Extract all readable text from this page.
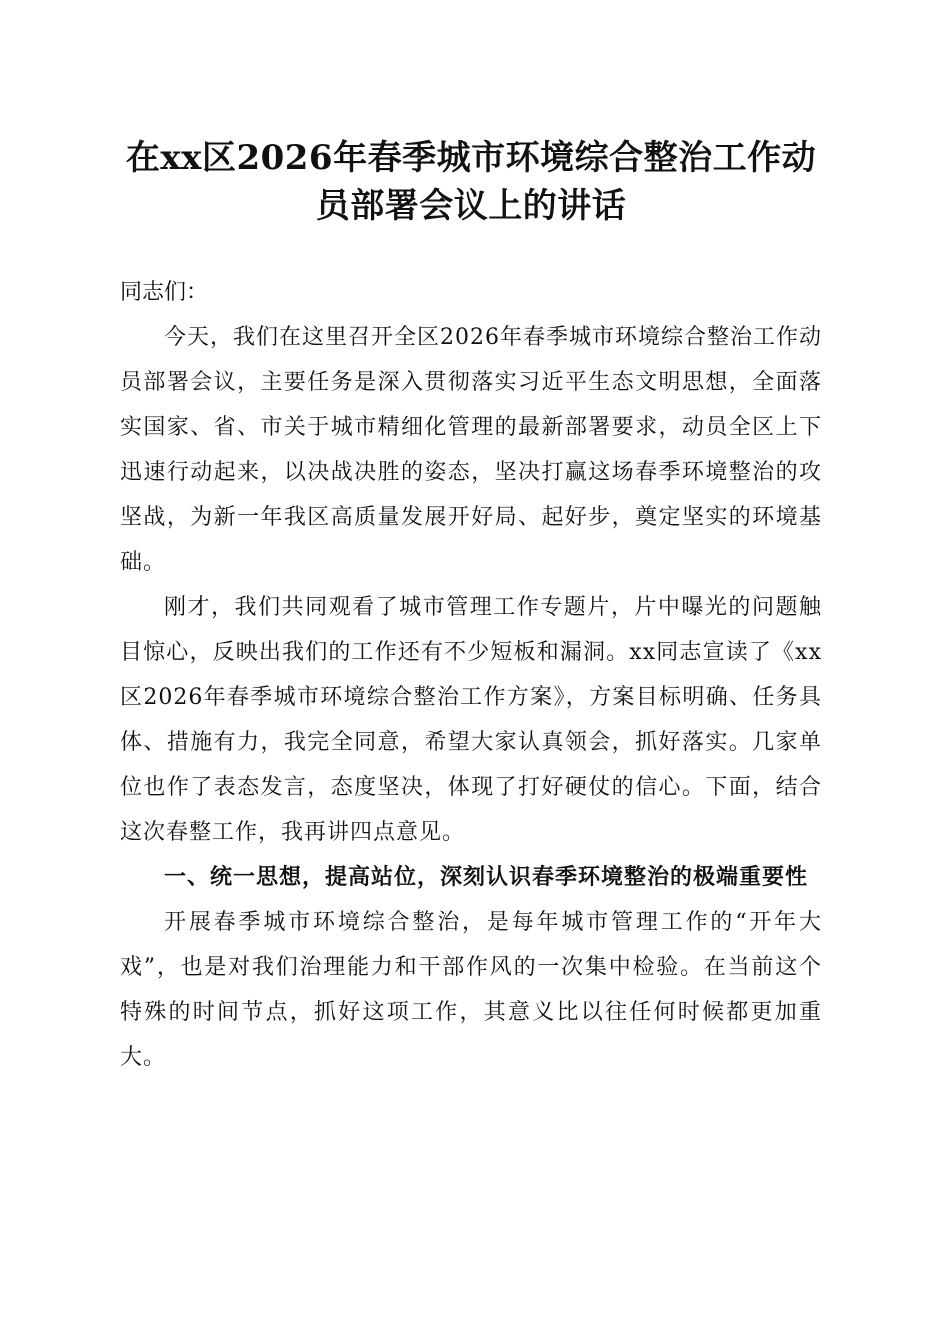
在xx区2026年春季城市环境综合整治工作动员部署会议上的讲话

同志们：

今天，我们在这里召开全区2026年春季城市环境综合整治工作动员部署会议，主要任务是深入贯彻落实习近平生态文明思想，全面落实国家、省、市关于城市精细化管理的最新部署要求，动员全区上下迅速行动起来，以决战决胜的姿态，坚决打赢这场春季环境整治的攻坚战，为新一年我区高质量发展开好局、起好步，奠定坚实的环境基础。

刚才，我们共同观看了城市管理工作专题片，片中曝光的问题触目惊心，反映出我们的工作还有不少短板和漏洞。xx同志宣读了《xx区2026年春季城市环境综合整治工作方案》，方案目标明确、任务具体、措施有力，我完全同意，希望大家认真领会，抓好落实。几家单位也作了表态发言，态度坚决，体现了打好硬仗的信心。下面，结合这次春整工作，我再讲四点意见。

一、统一思想，提高站位，深刻认识春季环境整治的极端重要性

开展春季城市环境综合整治，是每年城市管理工作的“开年大戏”，也是对我们治理能力和干部作风的一次集中检验。在当前这个特殊的时间节点，抓好这项工作，其意义比以往任何时候都更加重大。
